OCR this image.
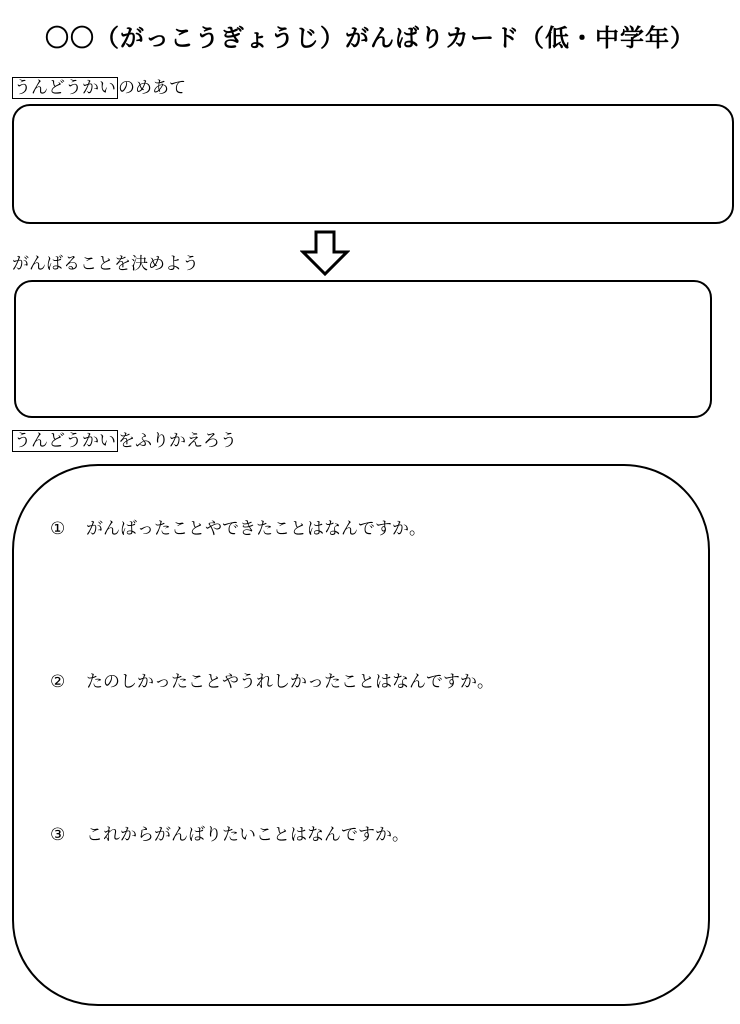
〇〇（がっこうぎょうじ）がんばりカード（低・中学年）
うんどうかい のめあて
がんばることを決めよう
うんどうかい をふりかえろう
① がんばったことやできたことはなんですか。
② たのしかったことやうれしかったことはなんですか。
③ これからがんばりたいことはなんですか。
